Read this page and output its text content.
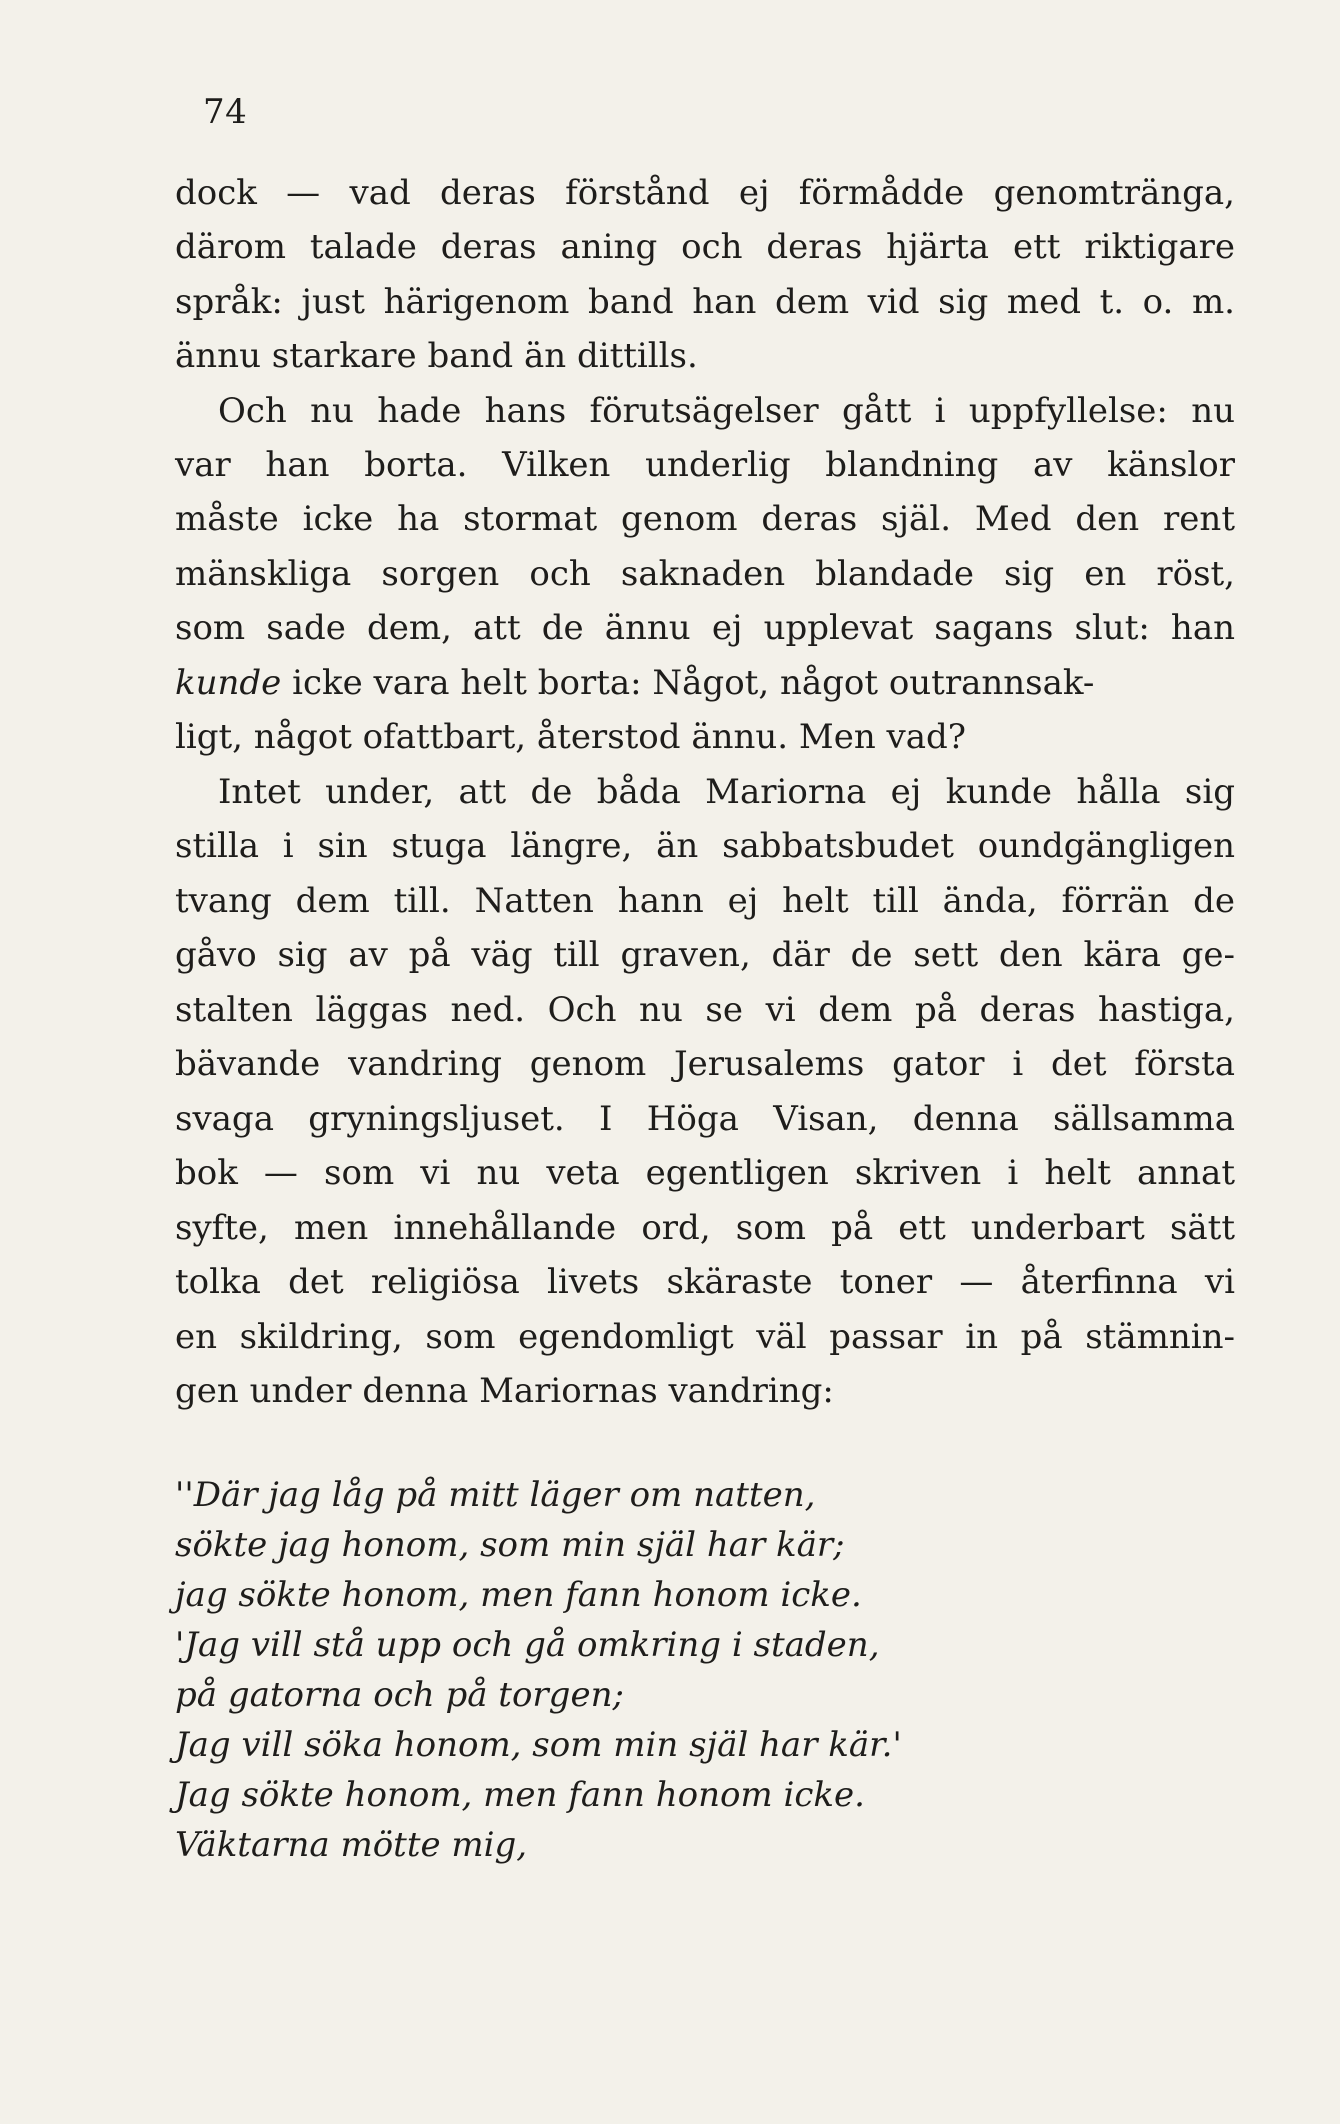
74
dock — vad deras förstånd ej förmådde genomtränga,
därom talade deras aning och deras hjärta ett riktigare
språk: just härigenom band han dem vid sig med t. o. m.
ännu starkare band än dittills.
Och nu hade hans förutsägelser gått i uppfyllelse: nu
var han borta. Vilken underlig blandning av känslor
måste icke ha stormat genom deras själ. Med den rent
mänskliga sorgen och saknaden blandade sig en röst,
som sade dem, att de ännu ej upplevat sagans slut: han
kunde icke vara helt borta: Något, något outrannsak-
ligt, något ofattbart, återstod ännu. Men vad?
Intet under, att de båda Mariorna ej kunde hålla sig
stilla i sin stuga längre, än sabbatsbudet oundgängligen
tvang dem till. Natten hann ej helt till ända, förrän de
gåvo sig av på väg till graven, där de sett den kära ge-
stalten läggas ned. Och nu se vi dem på deras hastiga,
bävande vandring genom Jerusalems gator i det första
svaga gryningsljuset. I Höga Visan, denna sällsamma
bok — som vi nu veta egentligen skriven i helt annat
syfte, men innehållande ord, som på ett underbart sätt
tolka det religiösa livets skäraste toner — återfinna vi
en skildring, som egendomligt väl passar in på stämnin-
gen under denna Mariornas vandring:
''Där jag låg på mitt läger om natten,
sökte jag honom, som min själ har kär;
jag sökte honom, men fann honom icke.
'Jag vill stå upp och gå omkring i staden,
på gatorna och på torgen;
Jag vill söka honom, som min själ har kär.'
Jag sökte honom, men fann honom icke.
Väktarna mötte mig,
